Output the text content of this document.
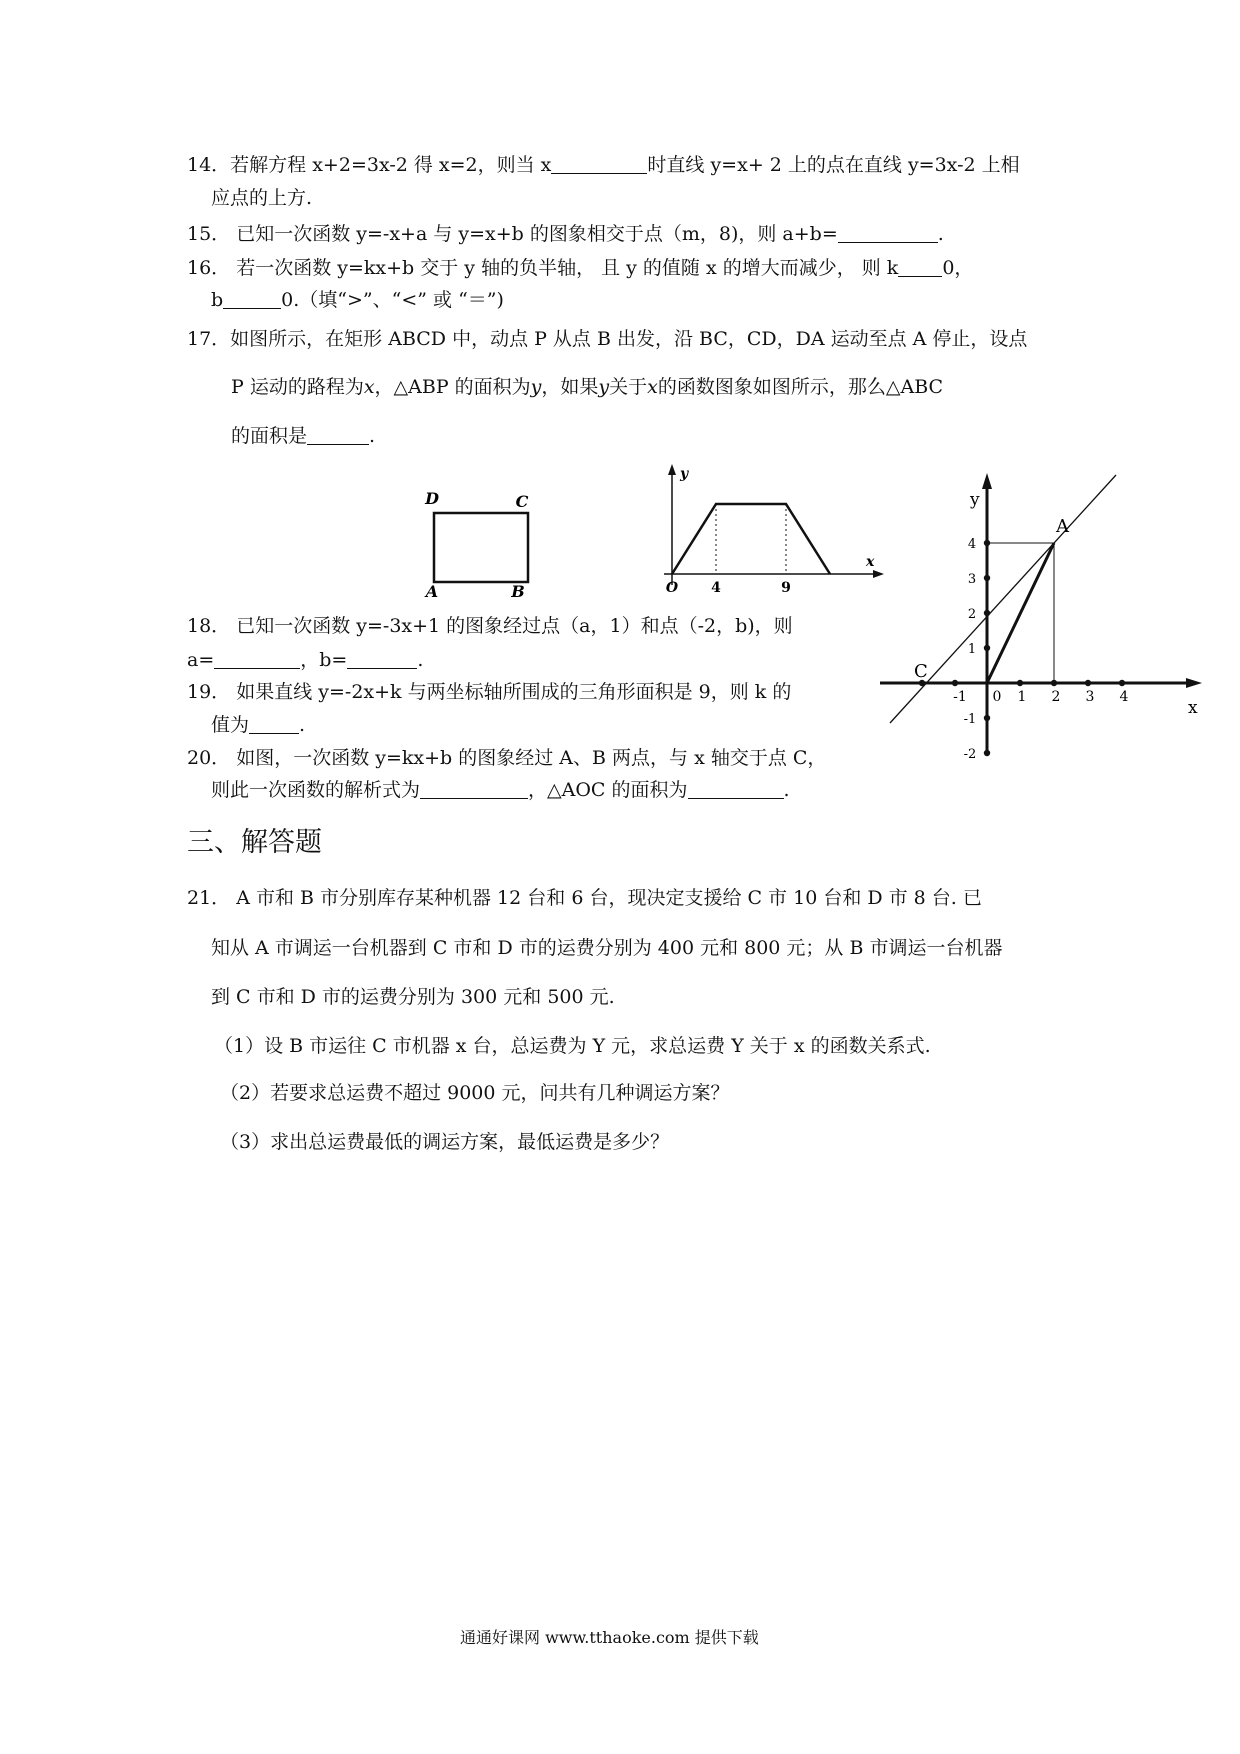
14．若解方程 x+2=3x-2 得 x=2，则当 x	时直线 y=x+ 2 上的点在直线 y=3x-2 上相
应点的上方.
15． 已知一次函数 y=-x+a 与 y=x+b 的图象相交于点（m，8)，则 a+b=	.
16． 若一次函数 y=kx+b 交于 y 轴的负半轴， 且 y 的值随 x 的增大而减少， 则 k 0，
b	0.（填“>”、“<” 或 “＝”)
17．如图所示，在矩形 ABCD 中，动点 P 从点 B 出发，沿 BC，CD，DA 运动至点 A 停止，设点
P 运动的路程为x，△ABP 的面积为y，如果y关于x的函数图象如图所示，那么△ABC
的面积是	.
D	C
A	B
y
x
O 4	9
y
x
A
C
4
3
2
1
-1
-2
-1 0 1 2 3 4
18． 已知一次函数 y=-3x+1 的图象经过点（a，1）和点（-2，b)，则
a=	，b=	.
19． 如果直线 y=-2x+k 与两坐标轴所围成的三角形面积是 9，则 k 的
值为	.
20． 如图，一次函数 y=kx+b 的图象经过 A、B 两点，与 x 轴交于点 C，
则此一次函数的解析式为	，△AOC 的面积为	.
三、解答题
21． A 市和 B 市分别库存某种机器 12 台和 6 台，现决定支援给 C 市 10 台和 D 市 8 台. 已
知从 A 市调运一台机器到 C 市和 D 市的运费分别为 400 元和 800 元；从 B 市调运一台机器
到 C 市和 D 市的运费分别为 300 元和 500 元.
（1）设 B 市运往 C 市机器 x 台，总运费为 Y 元，求总运费 Y 关于 x 的函数关系式.
（2）若要求总运费不超过 9000 元，问共有几种调运方案？
（3）求出总运费最低的调运方案，最低运费是多少？
通通好课网 www.tthaoke.com 提供下载
